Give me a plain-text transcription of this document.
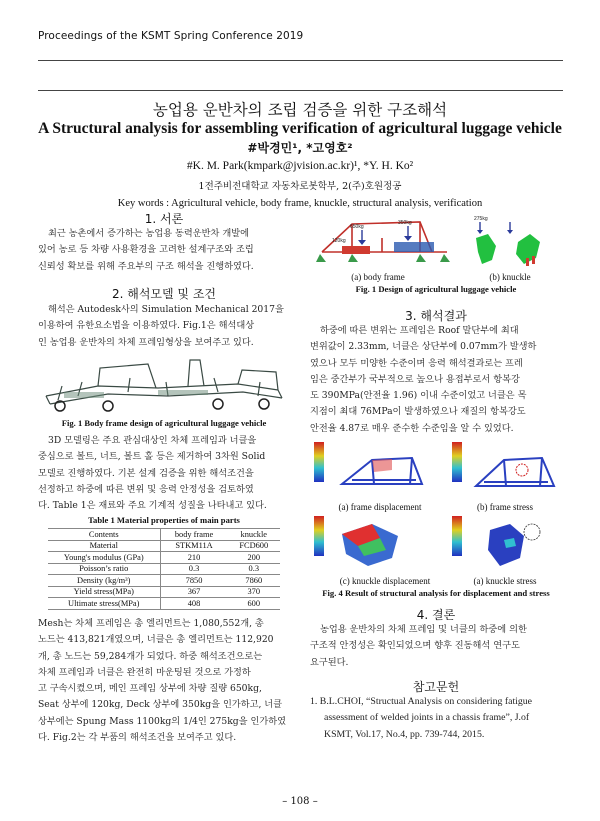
Proceedings of the KSMT Spring Conference 2019
농업용 운반차의 조립 검증을 위한 구조해석
A Structural analysis for assembling verification of agricultural luggage vehicle
#박경민¹, *고영호²
#K. M. Park(kmpark@jvision.ac.kr)¹, *Y. H. Ko²
1전주비전대학교 자동차로봇학부, 2(주)호원정공
Key words : Agricultural vehicle, body frame, knuckle, structural analysis, verification
1. 서론
최근 농촌에서 증가하는 농업용 동력운반차 개발에
있어 농로 등 차량 사용환경을 고려한 설계구조와 조립
신뢰성 확보를 위해 주요부의 구조 해석을 진행하였다.
2. 해석모델 및 조건
해석은 Autodesk사의 Simulation Mechanical 2017을
이용하여 유한요소법을 이용하였다. Fig.1은 해석대상
인 농업용 운반차의 차체 프레임형상을 보여주고 있다.
Fig. 1 Body frame design of agricultural luggage vehicle
3D 모델링은 주요 관심대상인 차체 프레임과 너클을
중심으로 볼트, 너트, 볼트 홀 등은 제거하여 3차원 Solid
모델로 진행하였다. 기본 설계 검증을 위한 해석조건을
선정하고 하중에 따른 변위 및 응력 안정성을 검토하였
다. Table 1은 재료와 주요 기계적 성질을 나타내고 있다.
Table 1 Material properties of main parts
Contents	body frame	knuckle
Material	STKM11A	FCD600
Young's modulus (GPa)	210	200
Poisson’s ratio	0.3	0.3
Density (kg/m³)	7850	7860
Yield stress(MPa)	367	370
Ultimate stress(MPa)	408	600
Mesh는 차체 프레임은 총 엘리먼트는 1,080,552개, 총
노드는 413,821개였으며, 너클은 총 엘리먼트는 112,920
개, 총 노드는 59,284개가 되었다. 하중 해석조건으로는
차체 프레임과 너클은 완전히 마운팅된 것으로 가정하
고 구속시켰으며, 메인 프레임 상부에 차량 질량 650kg,
Seat 상부에 120kg, Deck 상부에 350kg을 인가하고, 너클
상부에는 Spung Mass 1100kg의 1/4인 275kg을 인가하였
다. Fig.2는 각 부품의 해석조건을 보여주고 있다.
650kg
120kg
350kg
275kg
(a) body frame	(b) knuckle
Fig. 1 Design of agricultural luggage vehicle
3. 해석결과
하중에 따른 변위는 프레임은 Roof 말단부에 최대
변위값이 2.33mm, 너클은 상단부에 0.07mm가 발생하
였으나 모두 미양한 수준이며 응력 해석결과로는 프레
임은 중간부가 국부적으로 높으나 용접부로서 항복강
도 390MPa(안전율 1.96) 이내 수준이었고 너클은 목
지점이 최대 76MPa이 발생하였으나 재질의 항복강도
안전율 4.87로 매우 준수한 수준임을 알 수 있었다.
(a) frame displacement	(b) frame stress
(c) knuckle displacement	(a) knuckle stress
Fig. 4 Result of structural analysis for displacement and stress
4. 결론
농업용 운반차의 차체 프레임 및 너클의 하중에 의한
구조적 안정성은 확인되었으며 향후 진동해석 연구도
요구된다.
참고문헌
1. B.L.CHOI, “Structual Analysis on considering fatigue
assessment of welded joints in a chassis frame”, J.of
KSMT, Vol.17, No.4, pp. 739-744, 2015.
– 108 –
